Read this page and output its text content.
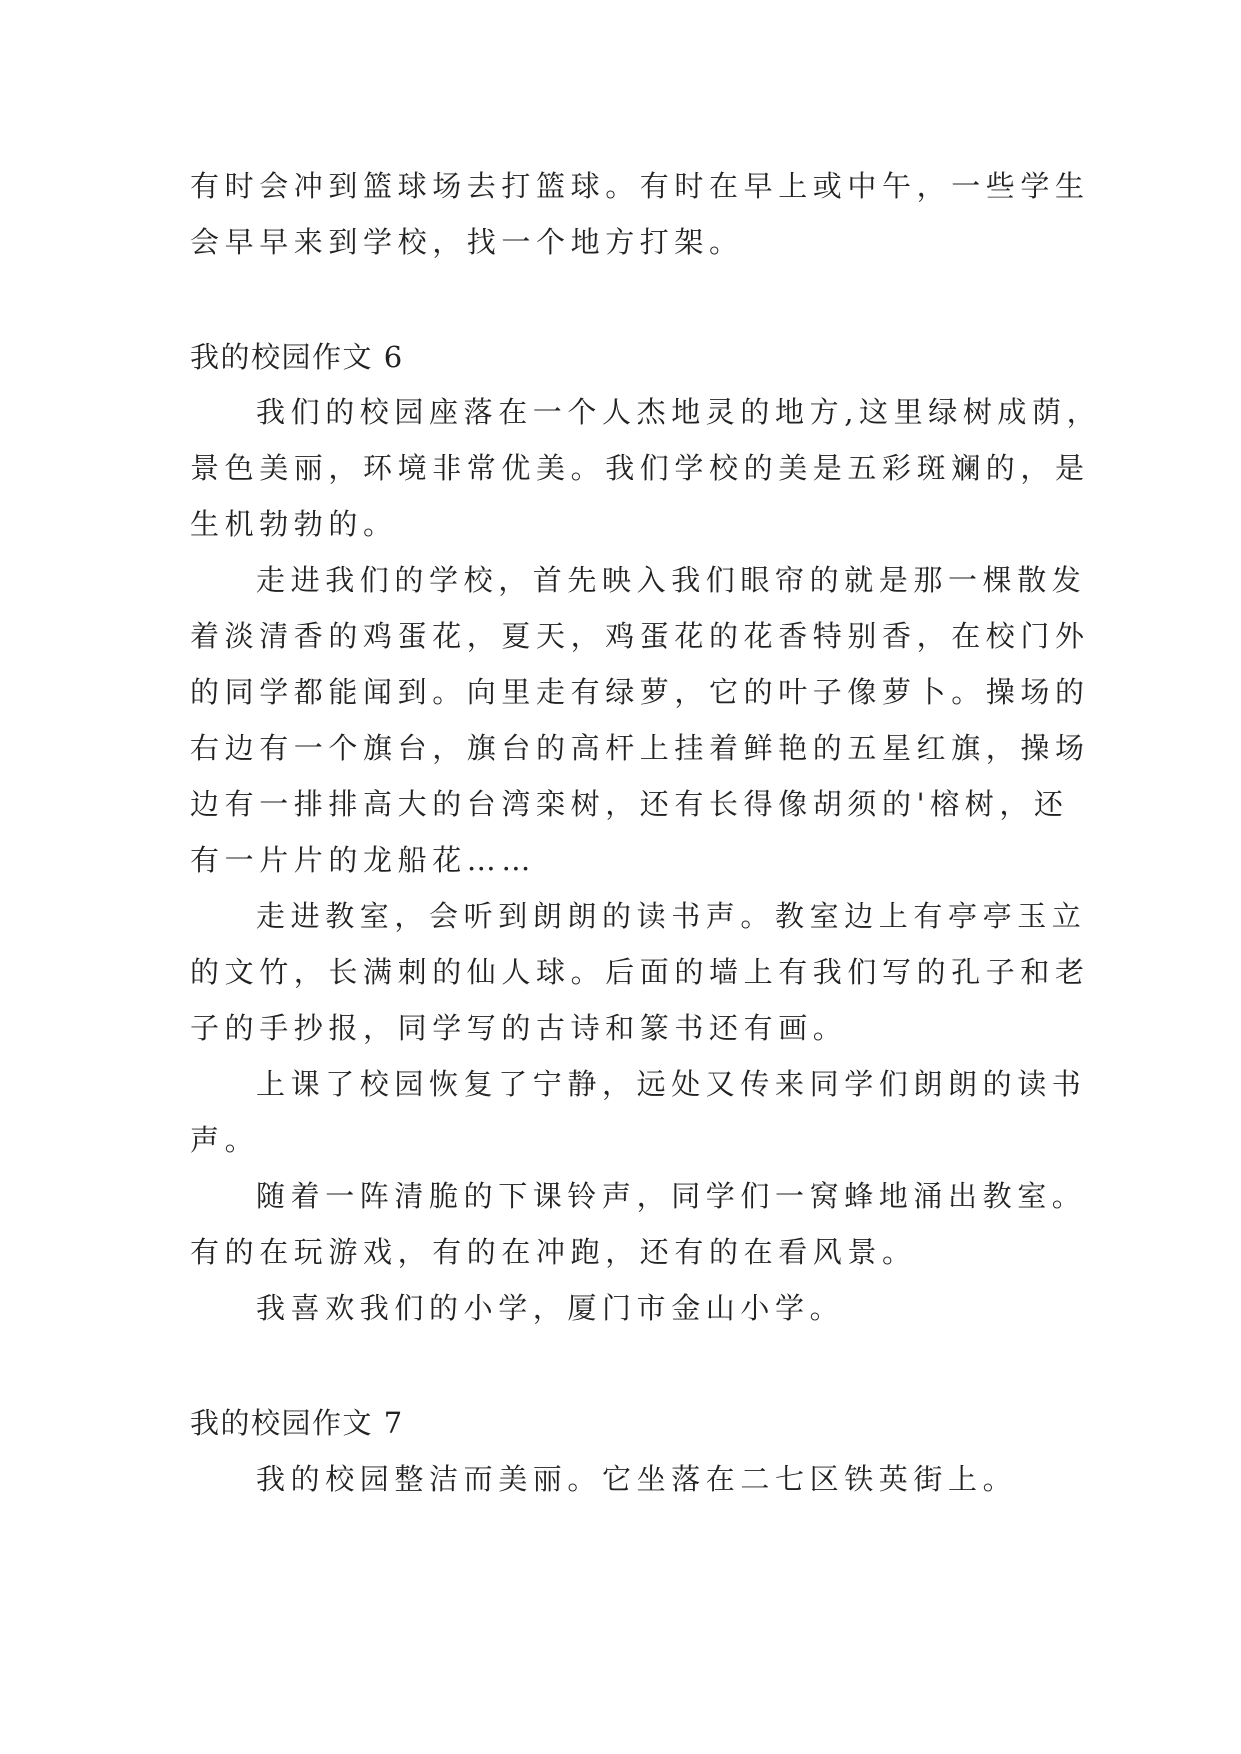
有时会冲到篮球场去打篮球。有时在早上或中午，一些学生
会早早来到学校，找一个地方打架。
我的校园作文 6
我们的校园座落在一个人杰地灵的地方,这里绿树成荫，
景色美丽，环境非常优美。我们学校的美是五彩斑斓的，是
生机勃勃的。
走进我们的学校，首先映入我们眼帘的就是那一棵散发
着淡清香的鸡蛋花，夏天，鸡蛋花的花香特别香，在校门外
的同学都能闻到。向里走有绿萝，它的叶子像萝卜。操场的
右边有一个旗台，旗台的高杆上挂着鲜艳的五星红旗，操场
边有一排排高大的台湾栾树，还有长得像胡须的'榕树，还
有一片片的龙船花……
走进教室，会听到朗朗的读书声。教室边上有亭亭玉立
的文竹，长满刺的仙人球。后面的墙上有我们写的孔子和老
子的手抄报，同学写的古诗和篆书还有画。
上课了校园恢复了宁静，远处又传来同学们朗朗的读书
声。
随着一阵清脆的下课铃声，同学们一窝蜂地涌出教室。
有的在玩游戏，有的在冲跑，还有的在看风景。
我喜欢我们的小学，厦门市金山小学。
我的校园作文 7
我的校园整洁而美丽。它坐落在二七区铁英街上。
